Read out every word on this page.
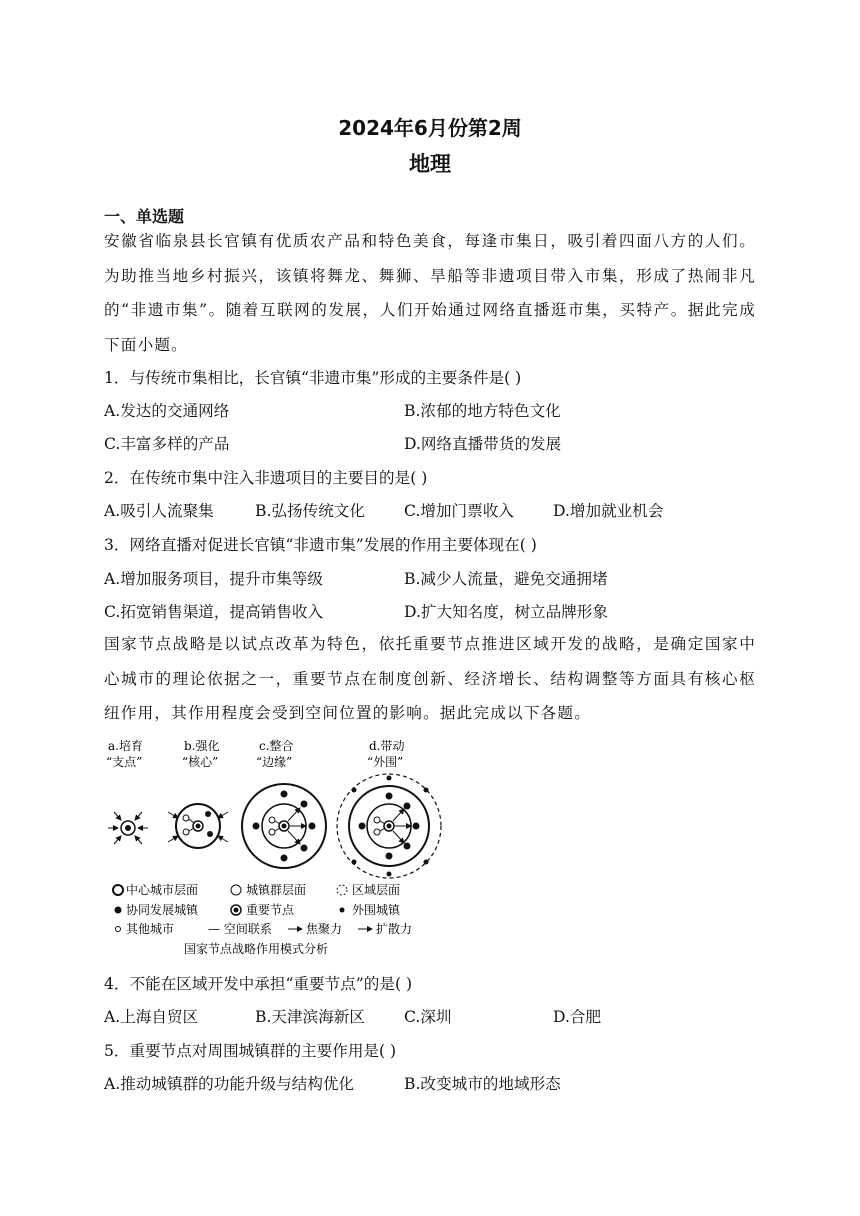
2024年6月份第2周
地理
一、单选题
安徽省临泉县长官镇有优质农产品和特色美食，每逢市集日，吸引着四面八方的人们。为助推当地乡村振兴，该镇将舞龙、舞狮、旱船等非遗项目带入市集，形成了热闹非凡的“非遗市集”。随着互联网的发展，人们开始通过网络直播逛市集，买特产。据此完成下面小题。
1．与传统市集相比，长官镇“非遗市集”形成的主要条件是( )
A.发达的交通网络	B.浓郁的地方特色文化
C.丰富多样的产品	D.网络直播带货的发展
2．在传统市集中注入非遗项目的主要目的是( )
A.吸引人流聚集	B.弘扬传统文化	C.增加门票收入	D.增加就业机会
3．网络直播对促进长官镇“非遗市集”发展的作用主要体现在( )
A.增加服务项目，提升市集等级	B.减少人流量，避免交通拥堵
C.拓宽销售渠道，提高销售收入	D.扩大知名度，树立品牌形象
国家节点战略是以试点改革为特色，依托重要节点推进区域开发的战略，是确定国家中心城市的理论依据之一，重要节点在制度创新、经济增长、结构调整等方面具有核心枢纽作用，其作用程度会受到空间位置的影响。据此完成以下各题。
a.培育
“支点”
b.强化
“核心”
c.整合
“边缘”
d.带动
“外围”
中心城市层面	城镇群层面	区域层面
协同发展城镇	重要节点	外围城镇
其他城市	— 空间联系	焦聚力	扩散力
国家节点战略作用模式分析
4．不能在区域开发中承担“重要节点”的是( )
A.上海自贸区	B.天津滨海新区	C.深圳	D.合肥
5．重要节点对周围城镇群的主要作用是( )
A.推动城镇群的功能升级与结构优化	B.改变城市的地域形态
